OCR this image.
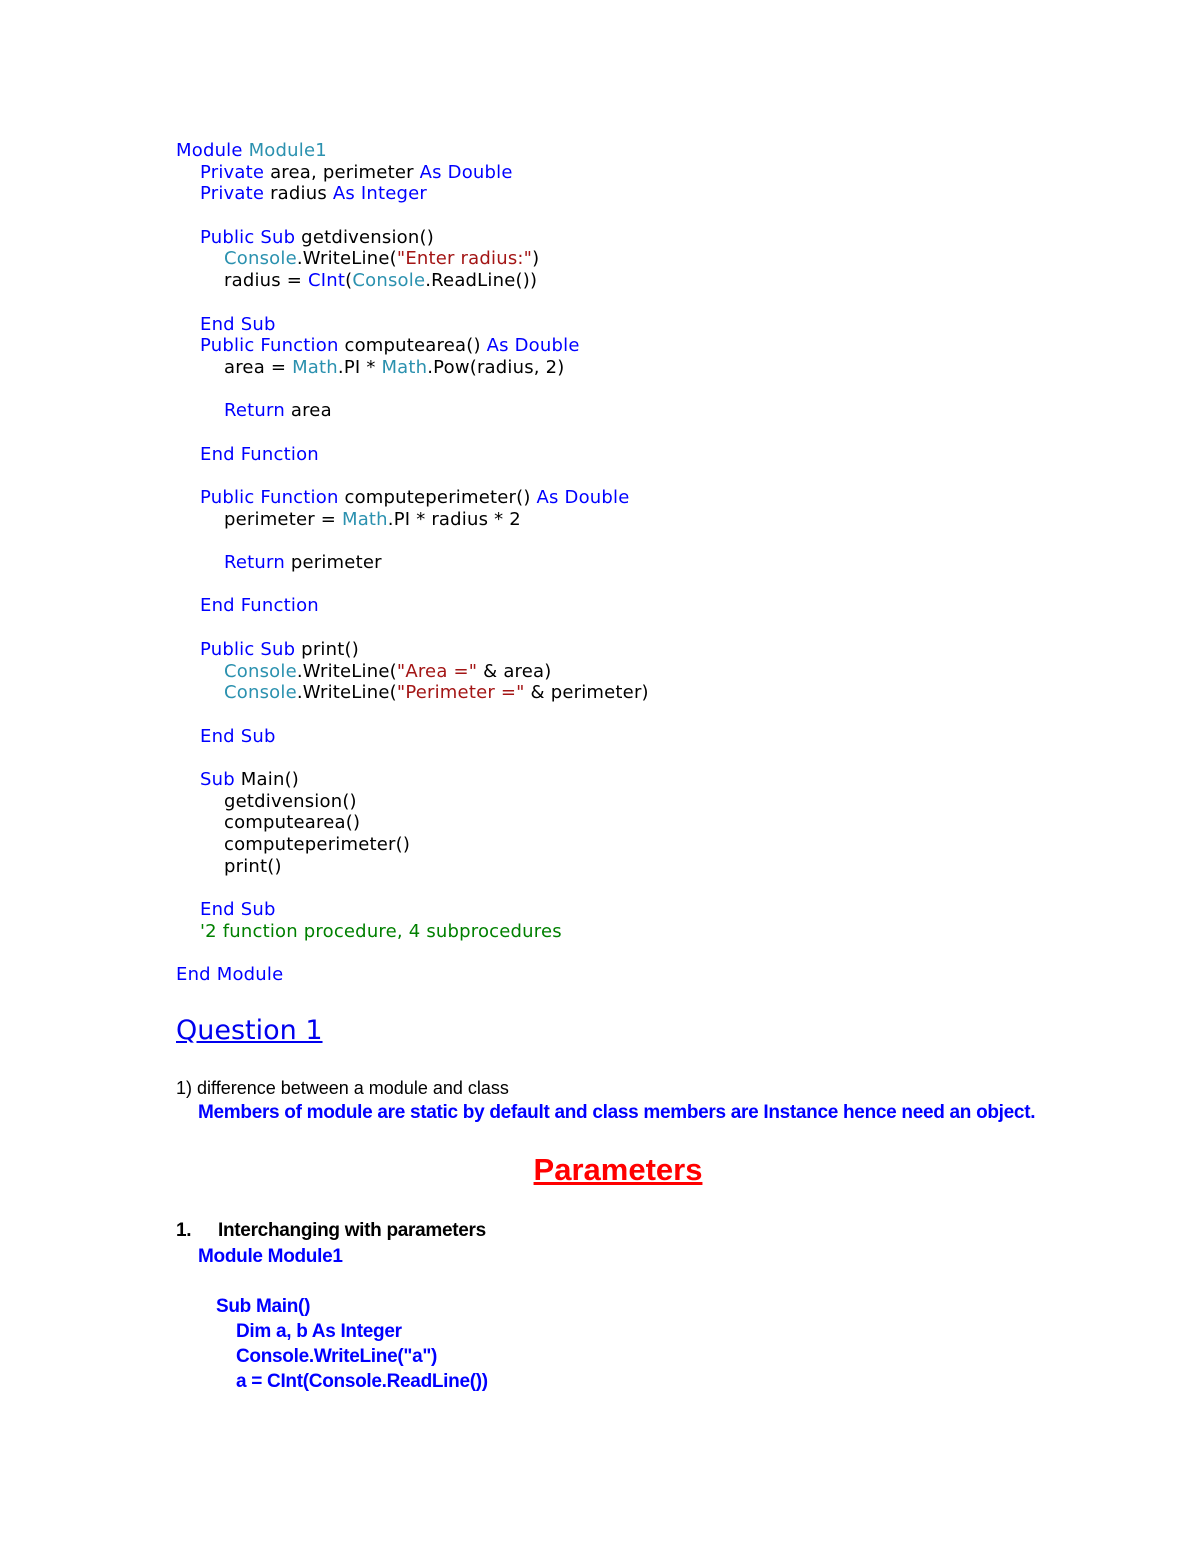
Module Module1
Private area, perimeter As Double
Private radius As Integer
Public Sub getdivension()
Console.WriteLine("Enter radius:")
radius = CInt(Console.ReadLine())
End Sub
Public Function computearea() As Double
area = Math.PI * Math.Pow(radius, 2)
Return area
End Function
Public Function computeperimeter() As Double
perimeter = Math.PI * radius * 2
Return perimeter
End Function
Public Sub print()
Console.WriteLine("Area =" & area)
Console.WriteLine("Perimeter =" & perimeter)
End Sub
Sub Main()
getdivension()
computearea()
computeperimeter()
print()
End Sub
'2 function procedure, 4 subprocedures
End Module
Question 1
1) difference between a module and class
Members of module are static by default and class members are Instance hence need an object.
Parameters
1. Interchanging with parameters
Module Module1
Sub Main()
Dim a, b As Integer
Console.WriteLine("a")
a = CInt(Console.ReadLine())
